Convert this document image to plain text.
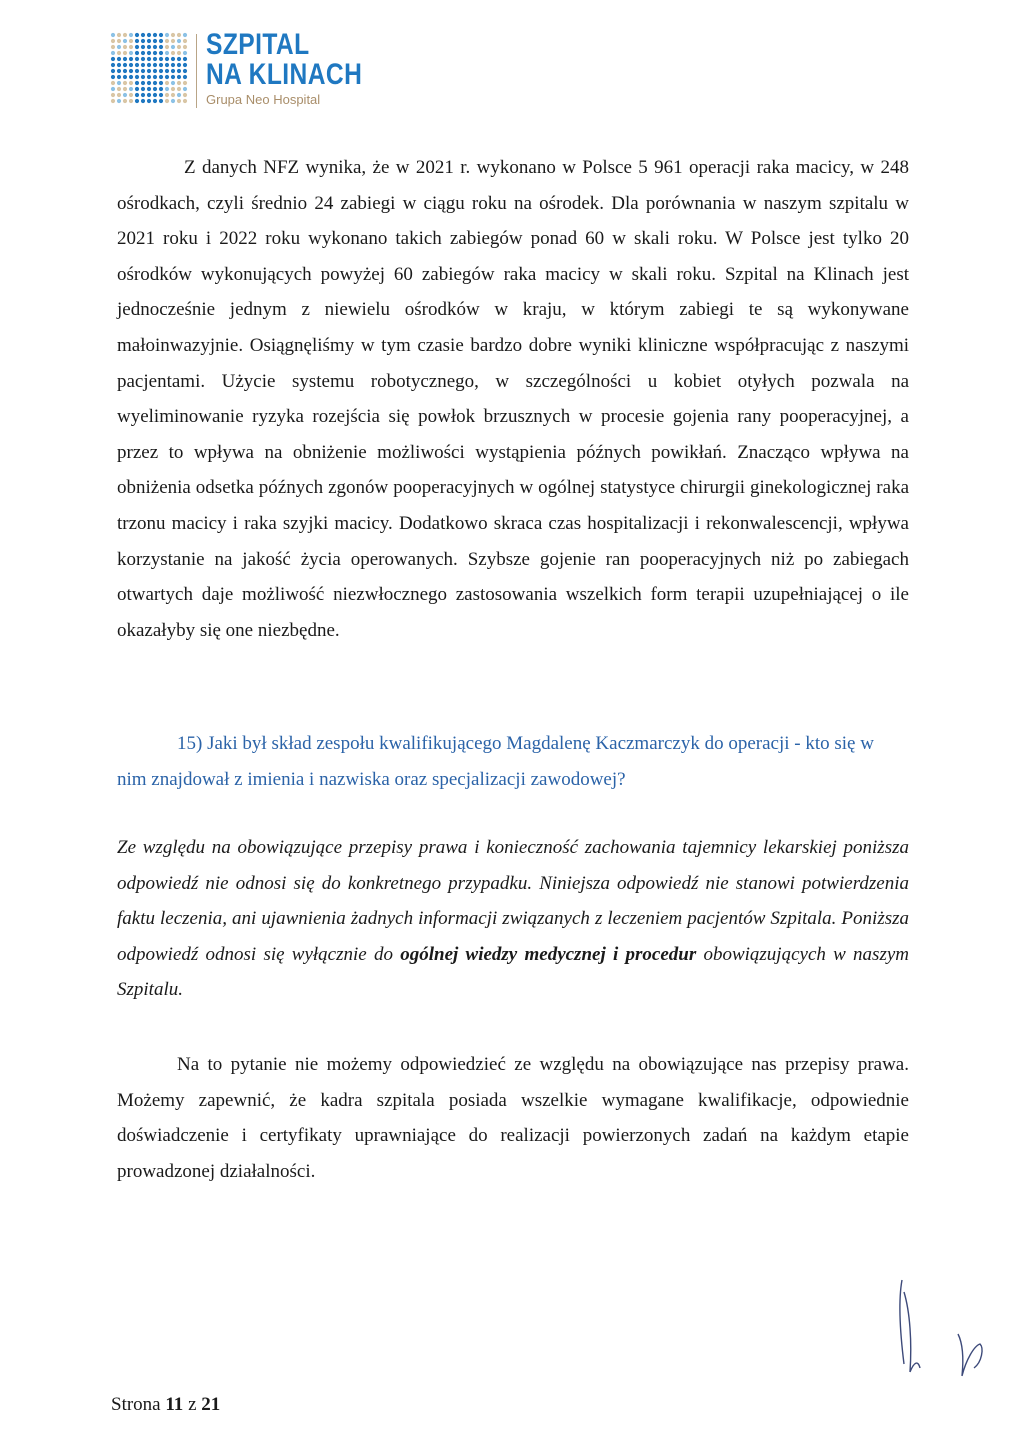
SZPITAL
NA KLINACH
Grupa Neo Hospital

Z danych NFZ wynika, że w 2021 r. wykonano w Polsce 5 961 operacji raka macicy, w 248 ośrodkach, czyli średnio 24 zabiegi w ciągu roku na ośrodek. Dla porównania w naszym szpitalu w 2021 roku i 2022 roku wykonano takich zabiegów ponad 60 w skali roku. W Polsce jest tylko 20 ośrodków wykonujących powyżej 60 zabiegów raka macicy w skali roku. Szpital na Klinach jest jednocześnie jednym z niewielu ośrodków w kraju, w którym zabiegi te są wykonywane małoinwazyjnie. Osiągnęliśmy w tym czasie bardzo dobre wyniki kliniczne współpracując z naszymi pacjentami. Użycie systemu robotycznego, w szczególności u kobiet otyłych pozwala na wyeliminowanie ryzyka rozejścia się powłok brzusznych w procesie gojenia rany pooperacyjnej, a przez to wpływa na obniżenie możliwości wystąpienia późnych powikłań. Znacząco wpływa na obniżenia odsetka późnych zgonów pooperacyjnych w ogólnej statystyce chirurgii ginekologicznej raka trzonu macicy i raka szyjki macicy. Dodatkowo skraca czas hospitalizacji i rekonwalescencji, wpływa korzystanie na jakość życia operowanych. Szybsze gojenie ran pooperacyjnych niż po zabiegach otwartych daje możliwość niezwłocznego zastosowania wszelkich form terapii uzupełniającej o ile okazałyby się one niezbędne.

15) Jaki był skład zespołu kwalifikującego Magdalenę Kaczmarczyk do operacji - kto się w nim znajdował z imienia i nazwiska oraz specjalizacji zawodowej?

Ze względu na obowiązujące przepisy prawa i konieczność zachowania tajemnicy lekarskiej poniższa odpowiedź nie odnosi się do konkretnego przypadku. Niniejsza odpowiedź nie stanowi potwierdzenia faktu leczenia, ani ujawnienia żadnych informacji związanych z leczeniem pacjentów Szpitala. Poniższa odpowiedź odnosi się wyłącznie do ogólnej wiedzy medycznej i procedur obowiązujących w naszym Szpitalu.

Na to pytanie nie możemy odpowiedzieć ze względu na obowiązujące nas przepisy prawa. Możemy zapewnić, że kadra szpitala posiada wszelkie wymagane kwalifikacje, odpowiednie doświadczenie i certyfikaty uprawniające do realizacji powierzonych zadań na każdym etapie prowadzonej działalności.

Strona 11 z 21
